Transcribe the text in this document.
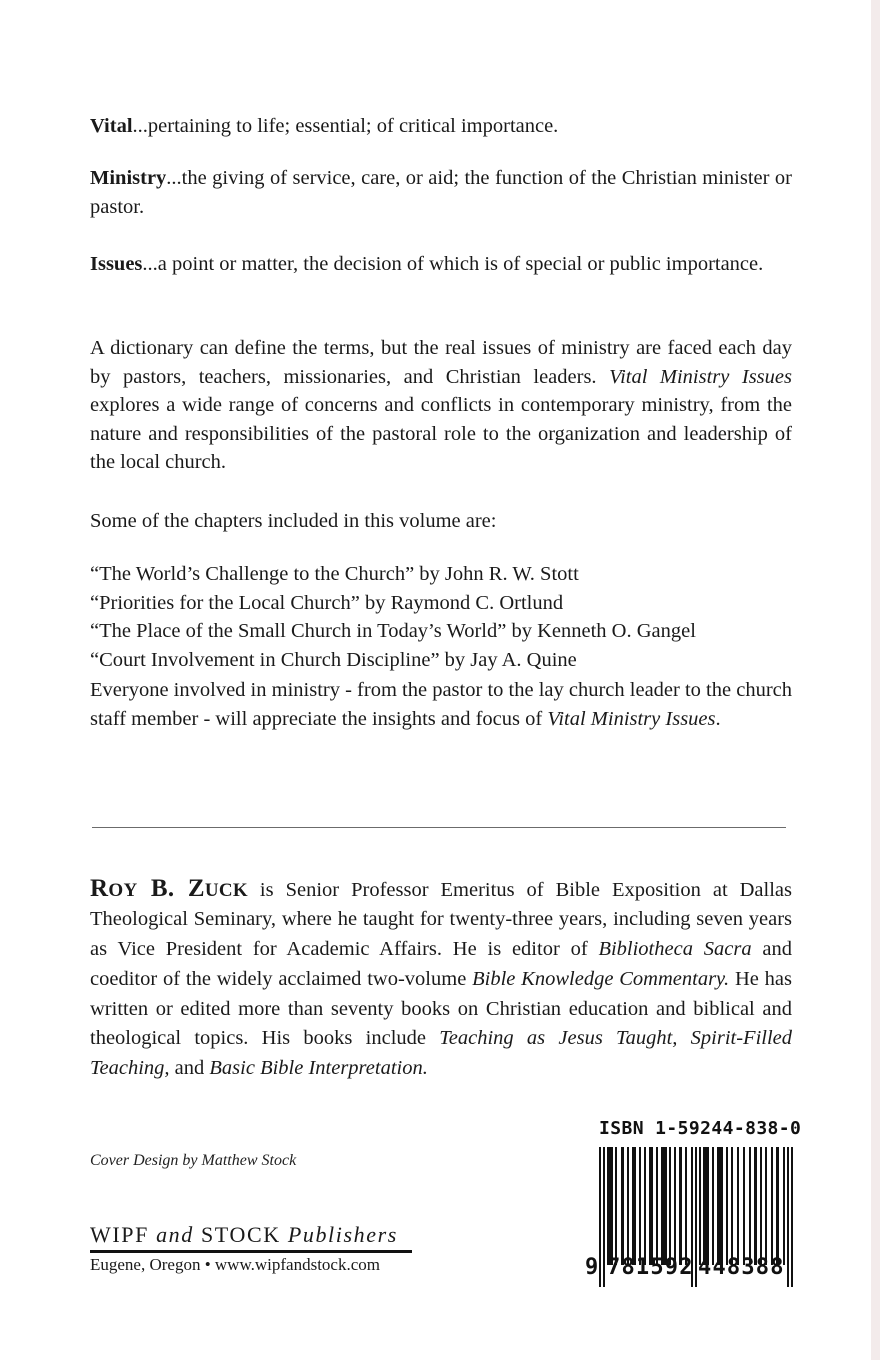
Vital...pertaining to life; essential; of critical importance.

Ministry...the giving of service, care, or aid; the function of the Christian minister or pastor.

Issues...a point or matter, the decision of which is of special or public importance.

A dictionary can define the terms, but the real issues of ministry are faced each day by pastors, teachers, missionaries, and Christian leaders. Vital Ministry Issues explores a wide range of concerns and conflicts in contemporary ministry, from the nature and responsibilities of the pastoral role to the organization and leadership of the local church.

Some of the chapters included in this volume are:

“The World’s Challenge to the Church” by John R. W. Stott
“Priorities for the Local Church” by Raymond C. Ortlund
“The Place of the Small Church in Today’s World” by Kenneth O. Gangel
“Court Involvement in Church Discipline” by Jay A. Quine

Everyone involved in ministry - from the pastor to the lay church leader to the church staff member - will appreciate the insights and focus of Vital Ministry Issues.

ROY B. ZUCK is Senior Professor Emeritus of Bible Exposition at Dallas Theological Seminary, where he taught for twenty-three years, including seven years as Vice President for Academic Affairs. He is editor of Bibliotheca Sacra and coeditor of the widely acclaimed two-volume Bible Knowledge Commentary. He has written or edited more than seventy books on Christian education and biblical and theological topics. His books include Teaching as Jesus Taught, Spirit-Filled Teaching, and Basic Bible Interpretation.

Cover Design by Matthew Stock
WIPF and STOCK Publishers
Eugene, Oregon • www.wipfandstock.com
ISBN 1-59244-838-0
9 781592 448388
